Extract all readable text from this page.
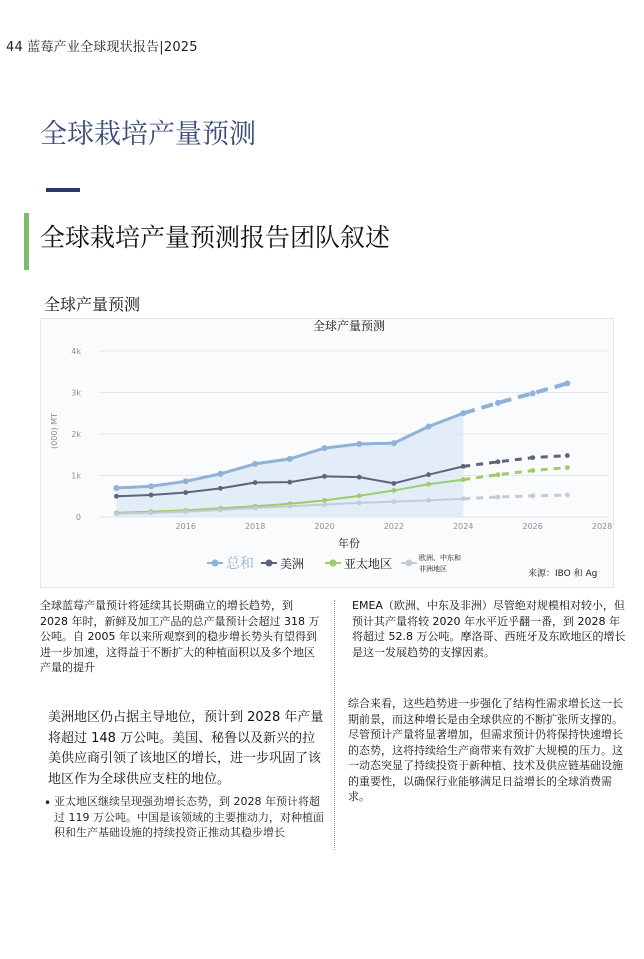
44 蓝莓产业全球现状报告|2025
全球栽培产量预测
全球栽培产量预测报告团队叙述
全球产量预测
全球产量预测
(000) MT
0
1k
2k
3k
4k
2016	2018	2020	2022	2024	2026	2028
年份
总和 美洲	亚太地区	欧洲、中东和
非洲地区	来源：IBO 和 Ag
全球蓝莓产量预计将延续其长期确立的增长趋势，到 2028 年时，新鲜及加工产品的总产量预计会超过 318 万公吨。自 2005 年以来所观察到的稳步增长势头有望得到进一步加速，这得益于不断扩大的种植面积以及多个地区产量的提升
EMEA（欧洲、中东及非洲）尽管绝对规模相对较小，但预计其产量将较 2020 年水平近乎翻一番，到 2028 年将超过 52.8 万公吨。摩洛哥、西班牙及东欧地区的增长是这一发展趋势的支撑因素。
美洲地区仍占据主导地位，预计到 2028 年产量将超过 148 万公吨。美国、秘鲁以及新兴的拉美供应商引领了该地区的增长，进一步巩固了该地区作为全球供应支柱的地位。
综合来看，这些趋势进一步强化了结构性需求增长这一长期前景，而这种增长是由全球供应的不断扩张所支撑的。尽管预计产量将显著增加，但需求预计仍将保持快速增长的态势，这将持续给生产商带来有效扩大规模的压力。这一动态突显了持续投资于新种植、技术及供应链基础设施的重要性，以确保行业能够满足日益增长的全球消费需求。
• 亚太地区继续呈现强劲增长态势，到 2028 年预计将超过 119 万公吨。中国是该领域的主要推动力，对种植面积和生产基础设施的持续投资正推动其稳步增长
